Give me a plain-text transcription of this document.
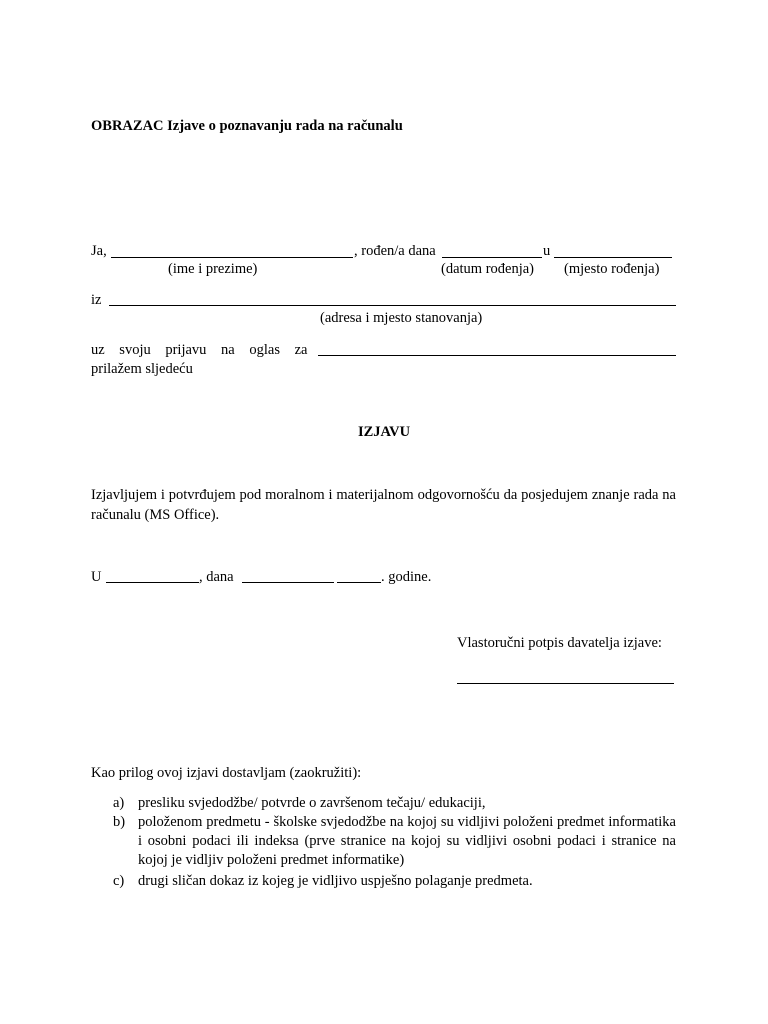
OBRAZAC Izjave o poznavanju rada na računalu
Ja,	, rođen/a dana	u
(ime i prezime)	(datum rođenja) (mjesto rođenja)
iz
(adresa i mjesto stanovanja)
uz svoju prijavu na oglas za
prilažem sljedeću
IZJAVU
Izjavljujem i potvrđujem pod moralnom i materijalnom odgovornošću da posjedujem znanje rada na računalu (MS Office).
U	, dana	. godine.
Vlastoručni potpis davatelja izjave:
Kao prilog ovoj izjavi dostavljam (zaokružiti):
a) presliku svjedodžbe/ potvrde o završenom tečaju/ edukaciji,
b) položenom predmetu - školske svjedodžbe na kojoj su vidljivi položeni predmet informatika i osobni podaci ili indeksa (prve stranice na kojoj su vidljivi osobni podaci i stranice na kojoj je vidljiv položeni predmet informatike)
c) drugi sličan dokaz iz kojeg je vidljivo uspješno polaganje predmeta.
